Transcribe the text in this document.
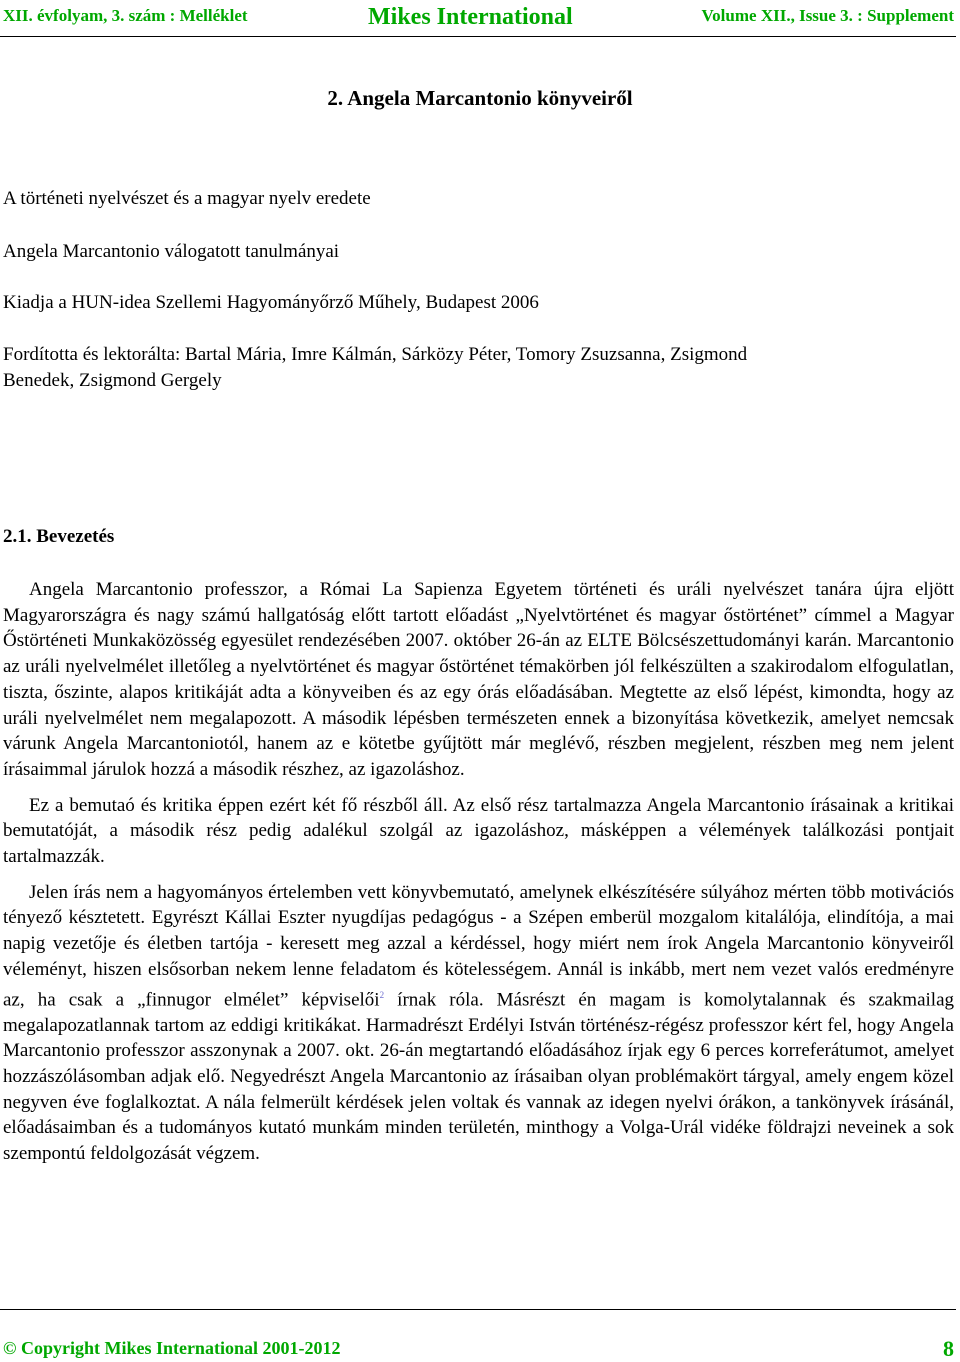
XII. évfolyam, 3. szám : Melléklet	Mikes International	Volume XII., Issue 3. : Supplement
2. Angela Marcantonio könyveiről
A történeti nyelvészet és a magyar nyelv eredete
Angela Marcantonio válogatott tanulmányai
Kiadja a HUN-idea Szellemi Hagyományőrző Műhely, Budapest 2006
Fordította és lektorálta: Bartal Mária, Imre Kálmán, Sárközy Péter, Tomory Zsuzsanna, Zsigmond
Benedek, Zsigmond Gergely
2.1. Bevezetés

Angela Marcantonio professzor, a Római La Sapienza Egyetem történeti és uráli nyelvészet tanára újra eljött Magyarországra és nagy számú hallgatóság előtt tartott előadást „Nyelvtörténet és magyar őstörténet” címmel a Magyar Őstörténeti Munkaközösség egyesület rendezésében 2007. október 26-án az ELTE Bölcsészettudományi karán. Marcantonio az uráli nyelvelmélet illetőleg a nyelvtörténet és magyar őstörténet témakörben jól felkészülten a szakirodalom elfogulatlan, tiszta, őszinte, alapos kritikáját adta a könyveiben és az egy órás előadásában. Megtette az első lépést, kimondta, hogy az uráli nyelvelmélet nem megalapozott. A második lépésben természeten ennek a bizonyítása következik, amelyet nemcsak várunk Angela Marcantoniotól, hanem az e kötetbe gyűjtött már meglévő, részben megjelent, részben meg nem jelent írásaimmal járulok hozzá a második részhez, az igazoláshoz.

Ez a bemutaó és kritika éppen ezért két fő részből áll. Az első rész tartalmazza Angela Marcantonio írásainak a kritikai bemutatóját, a második rész pedig adalékul szolgál az igazoláshoz, másképpen a vélemények találkozási pontjait tartalmazzák.

Jelen írás nem a hagyományos értelemben vett könyvbemutató, amelynek elkészítésére súlyához mérten több motivációs tényező késztetett. Egyrészt Kállai Eszter nyugdíjas pedagógus - a Szépen emberül mozgalom kitalálója, elindítója, a mai napig vezetője és életben tartója - keresett meg azzal a kérdéssel, hogy miért nem írok Angela Marcantonio könyveiről véleményt, hiszen elsősorban nekem lenne feladatom és kötelességem. Annál is inkább, mert nem vezet valós eredményre az, ha csak a „finnugor elmélet” képviselői$^2$ írnak róla. Másrészt én magam is komolytalannak és szakmailag megalapozatlannak tartom az eddigi kritikákat. Harmadrészt Erdélyi István történész-régész professzor kért fel, hogy Angela Marcantonio professzor asszonynak a 2007. okt. 26-án megtartandó előadásához írjak egy 6 perces korreferátumot, amelyet hozzászólásomban adjak elő. Negyedrészt Angela Marcantonio az írásaiban olyan problémakört tárgyal, amely engem közel negyven éve foglalkoztat. A nála felmerült kérdések jelen voltak és vannak az idegen nyelvi órákon, a tankönyvek írásánál, előadásaimban és a tudományos kutató munkám minden területén, minthogy a Volga-Urál vidéke földrajzi neveinek a sok szempontú feldolgozását végzem.

© Copyright Mikes International 2001-2012	8
